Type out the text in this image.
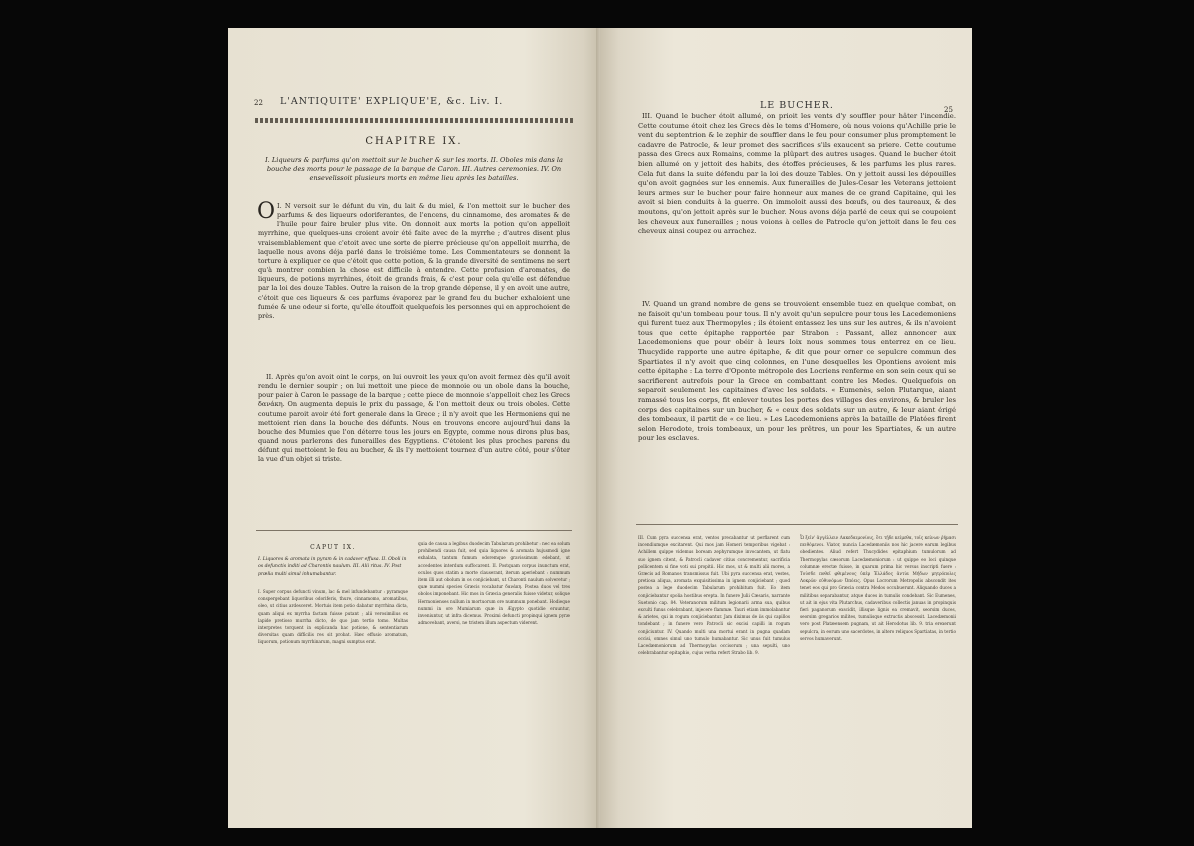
22 L'ANTIQUITE' EXPLIQUE'E, &c. Liv. I.
CHAPITRE IX.
I. Liqueurs & parfums qu'on mettoit sur le bucher & sur les morts. II. Oboles mis dans la bouche des morts pour le passage de la barque de Caron. III. Autres ceremonies. IV. On ensevelissoit plusieurs morts en même lieu après les batailles.
I.
O N versoit sur le défunt du vin, du lait & du miel, & l'on mettoit sur le bucher des parfums & des liqueurs odoriferantes, de l'encens, du cinnamome, des aromates & de l'huile pour faire bruler plus vite. On donnoit aux morts la potion qu'on appelloit myrrhine, que quelques-uns croient avoir été faite avec de la myrrhe ; d'autres disent plus vraisemblablement que c'etoit avec une sorte de pierre précieuse qu'on appelloit murrha, de laquelle nous avons déja parlé dans le troisiéme tome. Les Commentateurs se donnent la torture à expliquer ce que c'étoit que cette potion, & la grande diversité de sentimens ne sert qu'à montrer combien la chose est difficile à entendre. Cette profusion d'aromates, de liqueurs, de potions myrrhines, étoit de grands frais, & c'est pour cela qu'elle est défendue par la loi des douze Tables. Outre la raison de la trop grande dépense, il y en avoit une autre, c'étoit que ces liqueurs & ces parfums évaporez par le grand feu du bucher exhaloient une fumée & une odeur si forte, qu'elle étouffoit quelquefois les personnes qui en approchoient de près.

II. Après qu'on avoit oint le corps, on lui ouvroit les yeux qu'on avoit fermez dès qu'il avoit rendu le dernier soupir ; on lui mettoit une piece de monnoie ou un obole dans la bouche, pour paier à Caron le passage de la barque ; cette piece de monnoie s'appelloit chez les Grecs δανάκη. On augmenta depuis le prix du passage, & l'on mettoit deux ou trois oboles. Cette coutume paroit avoir été fort generale dans la Grece ; il n'y avoit que les Hermoniens qui ne mettoient rien dans la bouche des défunts. Nous en trouvons encore aujourd'hui dans la bouche des Mumies que l'on déterre tous les jours en Egypte, comme nous dirons plus bas, quand nous parlerons des funerailles des Egyptiens. C'étoient les plus proches parens du défunt qui mettoient le feu au bucher, & ils l'y mettoient tournez d'un autre côté, pour s'ôter la vue d'un objet si triste.

CAPUT IX.
I. Liquores & aromata in pyram & in cadaver effusa. II. Oboli in os defunctis inditi ad Charontis naulum. III. Alii ritus. IV. Post prælia multi simul inhumabantur.
I. Super corpus defuncti vinum, lac & mel infundebantur : pyramque conspergebant liquoribus odoriferis, thure, cinnamomo, aromatibus, oleo, ut citius ardesceret. Mortuis item potio dabatur myrrhina dicta, quam aliqui ex myrrha factam fuisse putant ; alii verosimilius ex lapide pretioso murrha dicto, de quo jam tertio tomo. Multas interpretes torquent in explicanda hac potione, & sententiarum diversitas quam difficilis res sit probat. Hæc effusio aromatum, liquorum, potionum myrrhinarum, magni sumptus erat.
quia de causa a legibus duodecim Tabularum prohibetur : nec ea solum prohibendi causa fuit, sed quia liquores & aromata hujusmodi igne exhalata, tantum fumum odoremque gravissimum edebant, ut accedentes interdum suffocarent. II. Postquam corpus inunctum erat, oculos quos statim a morte clauserant, iterum aperiebant : nummum item illi aut obolum in os conjiciebant, ut Charonti naulum solveretur ; quæ nummi species Græcis vocabatur δανάκη. Postea duos vel tres obolos imponebant. Hic mos in Græcia generalis fuisse videtur, solique Hermonienses nullum in mortuorum ore nummum ponebant. Hodieque nummi in ore Mumiarum quæ in Ægypto quotidie eruuntur, inveniuntur, ut infra dicemus. Proximi defuncti propinqui ignem pyræ admovebant, aversi, ne tristem illum aspectum viderent.
LE BUCHER.	25

III. Quand le bucher étoit allumé, on prioit les vents d'y souffler pour hâter l'incendie. Cette coutume étoit chez les Grecs dès le tems d'Homere, où nous voions qu'Achille prie le vent du septentrion & le zephir de souffler dans le feu pour consumer plus promptement le cadavre de Patrocle, & leur promet des sacrifices s'ils exaucent sa priere. Cette coutume passa des Grecs aux Romains, comme la plûpart des autres usages. Quand le bucher étoit bien allumé on y jettoit des habits, des étoffes précieuses, & les parfums les plus rares. Cela fut dans la suite défendu par la loi des douze Tables. On y jettoit aussi les dépouilles qu'on avoit gagnées sur les ennemis. Aux funerailles de Jules-Cesar les Veterans jettoient leurs armes sur le bucher pour faire honneur aux manes de ce grand Capitaine, qui les avoit si bien conduits à la guerre. On immoloit aussi des bœufs, ou des taureaux, & des moutons, qu'on jettoit après sur le bucher. Nous avons déja parlé de ceux qui se coupoient les cheveux aux funerailles ; nous voions à celles de Patrocle qu'on jettoit dans le feu ces cheveux ainsi coupez ou arrachez.

IV. Quand un grand nombre de gens se trouvoient ensemble tuez en quelque combat, on ne faisoit qu'un tombeau pour tous. Il n'y avoit qu'un sepulcre pour tous les Lacedemoniens qui furent tuez aux Thermopyles ; ils étoient entassez les uns sur les autres, & ils n'avoient tous que cette épitaphe rapportée par Strabon : Passant, allez annoncer aux Lacedemoniens que pour obéir à leurs loix nous sommes tous enterrez en ce lieu. Thucydide rapporte une autre épitaphe, & dit que pour orner ce sepulcre commun des Spartiates il n'y avoit que cinq colonnes, en l'une desquelles les Opontiens avoient mis cette épitaphe : La terre d'Oponte métropole des Locriens renferme en son sein ceux qui se sacrifierent autrefois pour la Grece en combattant contre les Medes. Quelquefois on separoit seulement les capitaines d'avec les soldats. « Eumenès, selon Plutarque, aiant ramassé tous les corps, fit enlever toutes les portes des villages des environs, & bruler les corps des capitaines sur un bucher, & « ceux des soldats sur un autre, & leur aiant érigé des tombeaux, il partit de « ce lieu. » Les Lacedemoniens après la bataille de Platées firent selon Herodote, trois tombeaux, un pour les prêtres, un pour les Spartiates, & un autre pour les esclaves.

III. Cum pyra succensa erat, ventos precabantur ut perflarent cum incendiumque excitarent. Qui mos jam Homeri temporibus vigebat : Achillem quippe videmus boream zephyrumque invocantem, ut flatu suo ignem citent, & Patrocli cadaver citius concrementur, sacrificia pollicentem si fine voti sui propitii. Hic mos, ut & multi alii mores, a Græcis ad Romanos transmissus fuit. Ubi pyra succensa erat, vestes, pretiosa aliqua, aromata exquisitissima in ignem conjiciebant ; quod postea a lege duodecim Tabularum prohibitum fuit. Eo item conjiciebantur spolia hostibus erepta. In funere Julii Cæsaris, narrante Suetonio cap. 84. Veteranorum militum legionarii arma sua, quibus exculti funus celebrabant, injecere flammæ. Tauri etiam immolabantur & arietes, qui in rogum conjiciebantur. Jam diximus de iis qui capillos tondebant ; in funere vero Patrocli sic excisi capilli in rogum conjiciuntur. IV. Quando multi una mortui erant in pugna quadam occisi, omnes simul uno tumulo humabantur. Sic unus fuit tumulus Lacedæmoniorum ad Thermopylas occisorum ; una sepulti, uno celebrabantur epitaphio, cujus verba refert Strabo lib. 9.
Ὦ ξεῖν' ἀγγέλλειν Λακεδαιμονίοις, ὅτι τῇδε κείμεθα, τοῖς κείνων ῥήμασι πειθόμενοι. Viator, nuncia Lacedæmoniis nos hic jacere earum legibus obedientes. Aliud refert Thucydides epitaphium tumulorum ad Thermopylas cæsorum Lacedæmoniorum : ut quippe eo loci quinque columnæ erectæ fuisse, in quarum prima hic versus inscripti fuere : Τούσδε ποθεῖ φθιμένους ὑπὲρ Ἑλλάδος ἀντία Μήδων μητρόπολις Λοκρῶν εὐθυνόμων Ὀπόεις. Opus Locrorum Metropolis abscondit ites tenet eos qui pro Græcia contra Medos occubuerunt. Aliquando duces a militibus separabantur, atque duces in tumulis condebant. Sic Eumenes, ut ait in ejus vita Plutarchus, cadaveribus collectis januas in propinquis fieri paganorum exscidit, illisque lignis ea cremavit, seorsim duces, seorsim gregarios milites, tumulisque extructis abscessit. Lacedæmonii vero post Platæensem pugnam, ut ait Herodotus lib. 9. tria erexerunt sepulcra, in eorum uno sacerdotes, in altero reliquos Spartiatas, in tertio servos humaverunt.
